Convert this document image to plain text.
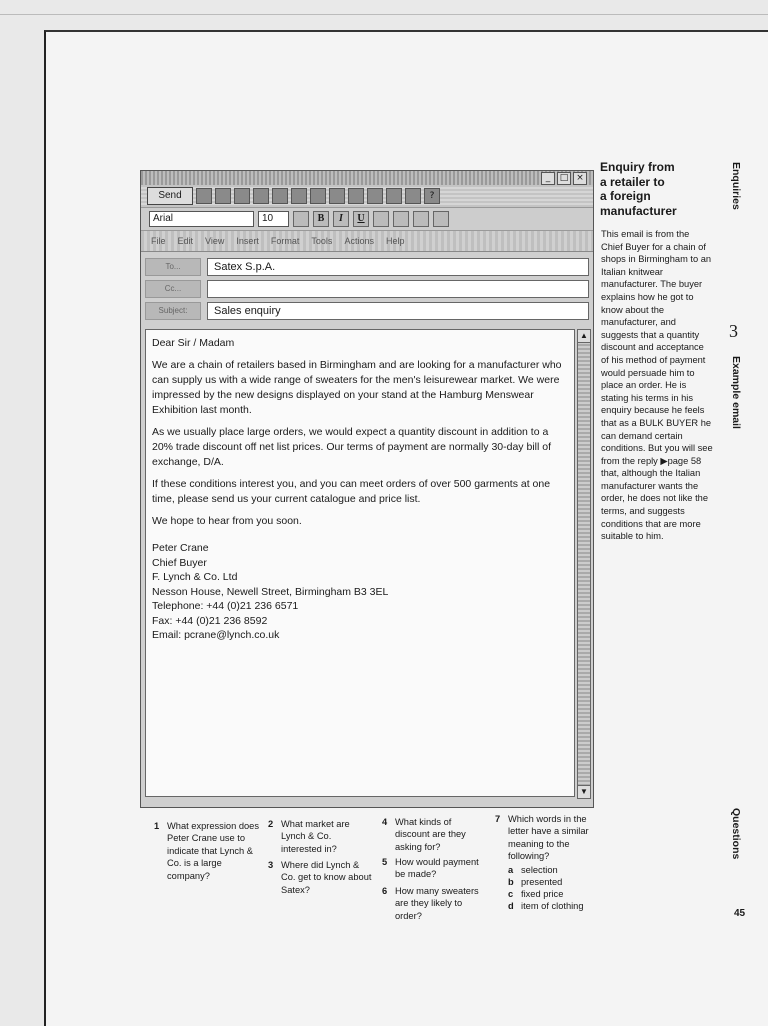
_	□ ×
Send	?
Arial	10	B	I	U
File Edit View Insert Format Tools Actions Help
To...	Satex S.p.A.
Cc...
Subject:	Sales enquiry

Dear Sir / Madam

We are a chain of retailers based in Birmingham and are looking for a manufacturer who can supply us with a wide range of sweaters for the men's leisurewear market. We were impressed by the new designs displayed on your stand at the Hamburg Menswear Exhibition last month.

As we usually place large orders, we would expect a quantity discount in addition to a 20% trade discount off net list prices. Our terms of payment are normally 30-day bill of exchange, D/A.

If these conditions interest you, and you can meet orders of over 500 garments at one time, please send us your current catalogue and price list.

We hope to hear from you soon.

Peter Crane
Chief Buyer
F. Lynch & Co. Ltd
Nesson House, Newell Street, Birmingham B3 3EL
Telephone: +44 (0)21 236 6571
Fax: +44 (0)21 236 8592
Email: pcrane@lynch.co.uk
▲
▼
Enquiry from
a retailer to
a foreign
manufacturer
This email is from the Chief Buyer for a chain of shops in Birmingham to an Italian knitwear manufacturer. The buyer explains how he got to know about the manufacturer, and suggests that a quantity discount and acceptance of his method of payment would persuade him to place an order. He is stating his terms in his enquiry because he feels that as a BULK BUYER he can demand certain conditions. But you will see from the reply ▶page 58 that, although the Italian manufacturer wants the order, he does not like the terms, and suggests conditions that are more suitable to him.
Enquiries
3
Example email
Questions
45
1 What expression does Peter Crane use to indicate that Lynch & Co. is a large company?
2 What market are Lynch & Co. interested in?
3 Where did Lynch & Co. get to know about Satex?
4 What kinds of discount are they asking for?
5 How would payment be made?
6 How many sweaters are they likely to order?
7 Which words in the letter have a similar meaning to the following?
a selection
b presented
c fixed price
d item of clothing
